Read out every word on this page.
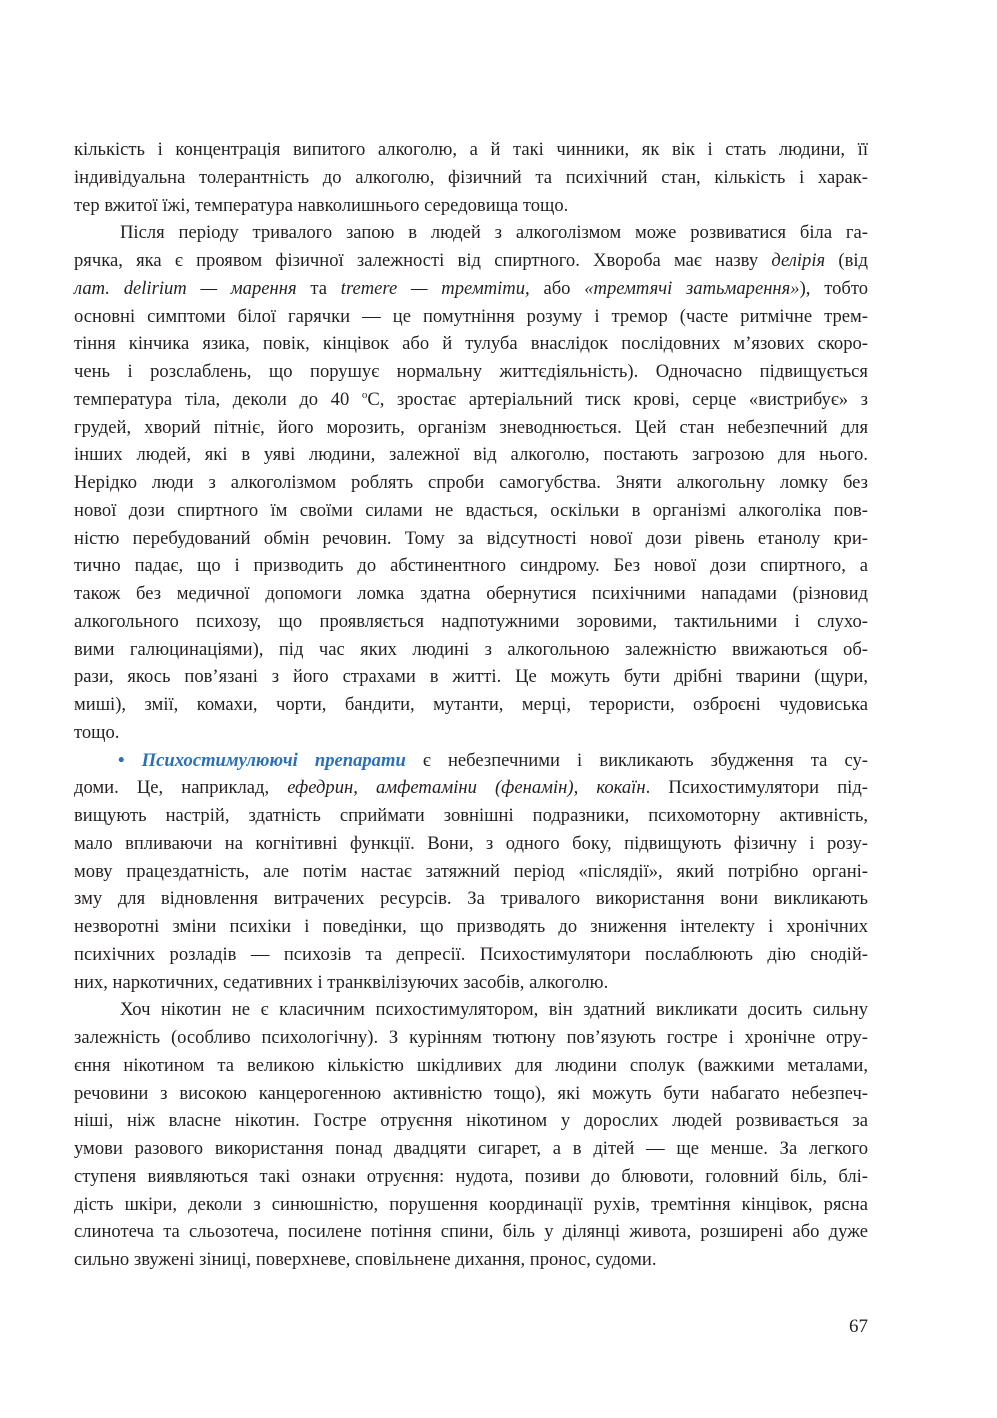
кількість і концентрація випитого алкоголю, а й такі чинники, як вік і стать людини, її
індивідуальна толерантність до алкоголю, фізичний та психічний стан, кількість і харак-
тер вжитої їжі, температура навколишнього середовища тощо.
Після періоду тривалого запою в людей з алкоголізмом може розвиватися біла га-
рячка, яка є проявом фізичної залежності від спиртного. Хвороба має назву делірія (від
лат. delirium — марення та tremere — тремтіти, або «тремтячі затьмарення»), тобто
основні симптоми білої гарячки — це помутніння розуму і тремор (часте ритмічне трем-
тіння кінчика язика, повік, кінцівок або й тулуба внаслідок послідовних м’язових скоро-
чень і розслаблень, що порушує нормальну життєдіяльність). Одночасно підвищується
температура тіла, деколи до 40 $^o$С, зростає артеріальний тиск крові, серце «вистрибує» з
грудей, хворий пітніє, його морозить, організм зневоднюється. Цей стан небезпечний для
інших людей, які в уяві людини, залежної від алкоголю, постають загрозою для нього.
Нерідко люди з алкоголізмом роблять спроби самогубства. Зняти алкогольну ломку без
нової дози спиртного їм своїми силами не вдасться, оскільки в організмі алкоголіка пов-
ністю перебудований обмін речовин. Тому за відсутності нової дози рівень етанолу кри-
тично падає, що і призводить до абстинентного синдрому. Без нової дози спиртного, а
також без медичної допомоги ломка здатна обернутися психічними нападами (різновид
алкогольного психозу, що проявляється надпотужними зоровими, тактильними і слухо-
вими галюцинаціями), під час яких людині з алкогольною залежністю ввижаються об-
рази, якось пов’язані з його страхами в житті. Це можуть бути дрібні тварини (щури,
миші), змії, комахи, чорти, бандити, мутанти, мерці, терористи, озброєні чудовиська
тощо.
• Психостимулюючі препарати є небезпечними і викликають збудження та су-
доми. Це, наприклад, ефедрин, амфетаміни (фенамін), кокаїн. Психостимулятори під-
вищують настрій, здатність сприймати зовнішні подразники, психомоторну активність,
мало впливаючи на когнітивні функції. Вони, з одного боку, підвищують фізичну і розу-
мову працездатність, але потім настає затяжний період «післядії», який потрібно органі-
зму для відновлення витрачених ресурсів. За тривалого використання вони викликають
незворотні зміни психіки і поведінки, що призводять до зниження інтелекту і хронічних
психічних розладів — психозів та депресії. Психостимулятори послаблюють дію снодій-
них, наркотичних, седативних і транквілізуючих засобів, алкоголю.
Хоч нікотин не є класичним психостимулятором, він здатний викликати досить сильну
залежність (особливо психологічну). З курінням тютюну пов’язують гостре і хронічне отру-
єння нікотином та великою кількістю шкідливих для людини сполук (важкими металами,
речовини з високою канцерогенною активністю тощо), які можуть бути набагато небезпеч-
ніші, ніж власне нікотин. Гостре отруєння нікотином у дорослих людей розвивається за
умови разового використання понад двадцяти сигарет, а в дітей — ще менше. За легкого
ступеня виявляються такі ознаки отруєння: нудота, позиви до блювоти, головний біль, блі-
дість шкіри, деколи з синюшністю, порушення координації рухів, тремтіння кінцівок, рясна
слинотеча та сльозотеча, посилене потіння спини, біль у ділянці живота, розширені або дуже
сильно звужені зіниці, поверхневе, сповільнене дихання, пронос, судоми.
67
